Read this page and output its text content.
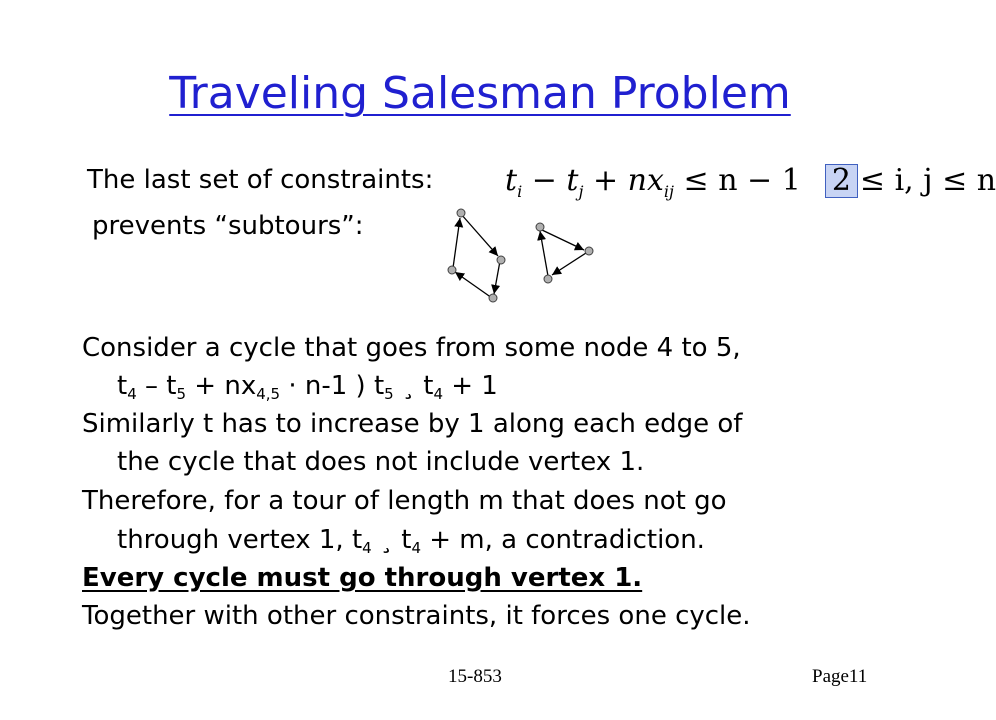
Traveling Salesman Problem
The last set of constraints: $t_i - t_j + nx_{ij} \le n - 1$ 2 ≤ i, j ≤ n
prevents “subtours”:
Consider a cycle that goes from some node 4 to 5,
$t_4 - t_5 + nx_{4,5} \cdot n-1$ ) $t_5$ ¸ $t_4 + 1$
Similarly t has to increase by 1 along each edge of
the cycle that does not include vertex 1.
Therefore, for a tour of length m that does not go
through vertex 1, $t_4$ ¸ $t_4 + m$, a contradiction.
Every cycle must go through vertex 1.
Together with other constraints, it forces one cycle.
15-853	Page11
